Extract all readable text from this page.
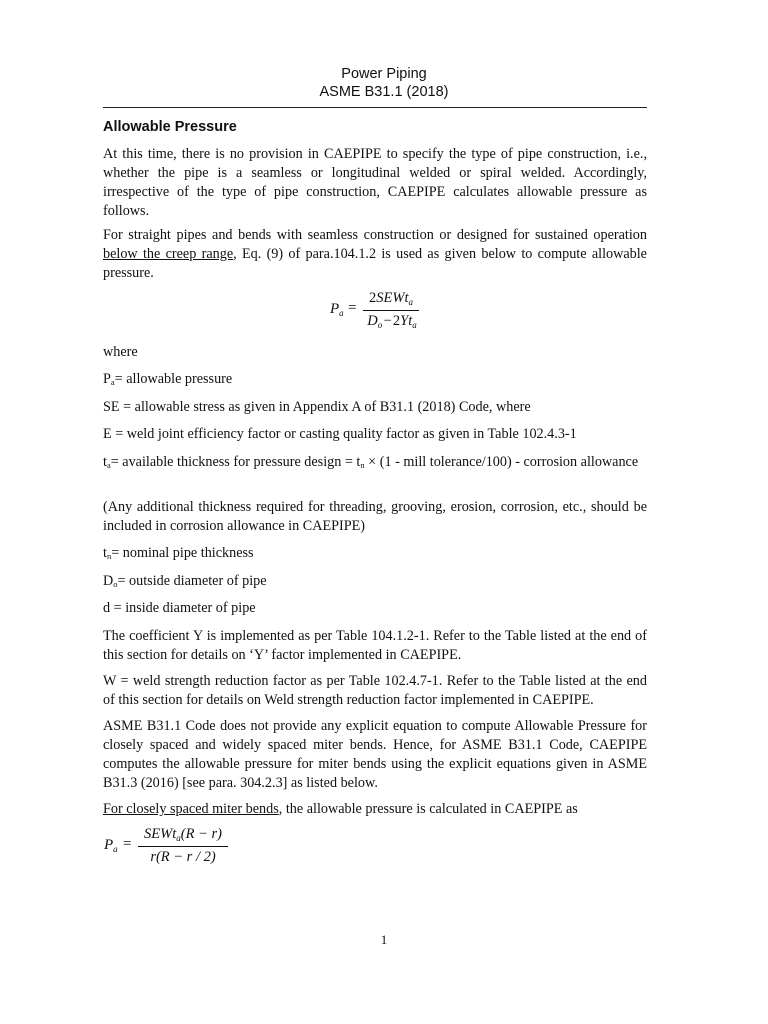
Power Piping
ASME B31.1 (2018)
Allowable Pressure

At this time, there is no provision in CAEPIPE to specify the type of pipe construction, i.e., whether the pipe is a seamless or longitudinal welded or spiral welded. Accordingly, irrespective of the type of pipe construction, CAEPIPE calculates allowable pressure as follows.

For straight pipes and bends with seamless construction or designed for sustained operation below the creep range, Eq. (9) of para.104.1.2 is used as given below to compute allowable pressure.

$P_a$ =
2SEWt$_a$
$D_o$ − $2Yt_a$
where
$P_a=$ allowable pressure
SE = allowable stress as given in Appendix A of B31.1 (2018) Code, where
E = weld joint efficiency factor or casting quality factor as given in Table 102.4.3-1

$t_a=$ available thickness for pressure design = $t_n \times (1$ - mill tolerance/100) - corrosion allowance

(Any additional thickness required for threading, grooving, erosion, corrosion, etc., should be included in corrosion allowance in CAEPIPE)

$t_n=$ nominal pipe thickness
$D_o=$ outside diameter of pipe
d = inside diameter of pipe

The coefficient Y is implemented as per Table 104.1.2-1. Refer to the Table listed at the end of this section for details on ‘Y’ factor implemented in CAEPIPE.

W = weld strength reduction factor as per Table 102.4.7-1. Refer to the Table listed at the end of this section for details on Weld strength reduction factor implemented in CAEPIPE.

ASME B31.1 Code does not provide any explicit equation to compute Allowable Pressure for closely spaced and widely spaced miter bends. Hence, for ASME B31.1 Code, CAEPIPE computes the allowable pressure for miter bends using the explicit equations given in ASME B31.3 (2016) [see para. 304.2.3] as listed below.

For closely spaced miter bends, the allowable pressure is calculated in CAEPIPE as
$P_a$ =
SEWt$_a$(R − r)
r(R − r / 2)
1
